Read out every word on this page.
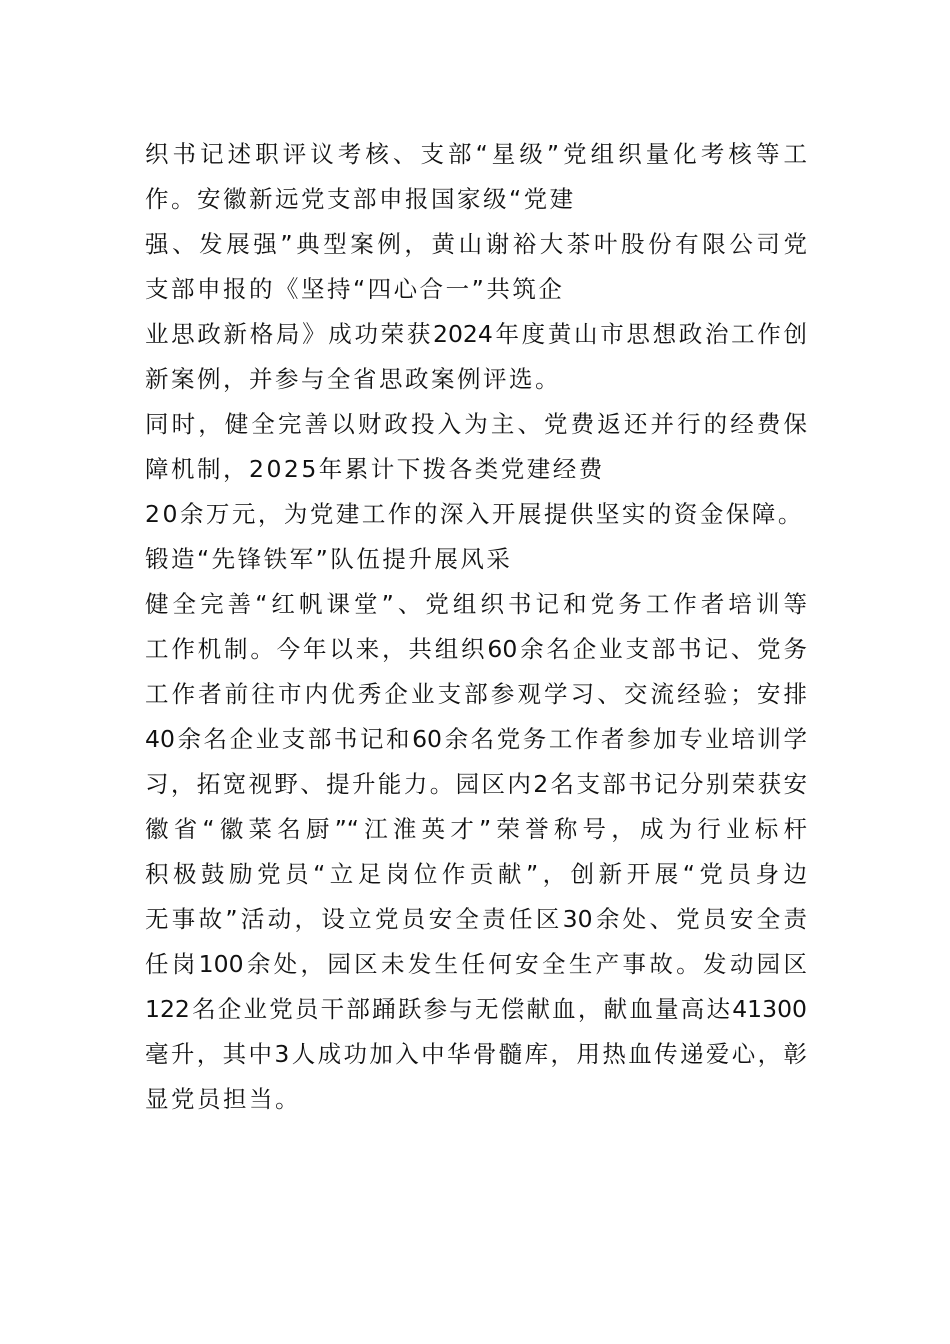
织书记述职评议考核、支部“星级”党组织量化考核等工
作。安徽新远党支部申报国家级“党建
强、发展强”典型案例，黄山谢裕大茶叶股份有限公司党
支部申报的《坚持“四心合一”共筑企
业思政新格局》成功荣获2024年度黄山市思想政治工作创
新案例，并参与全省思政案例评选。
同时，健全完善以财政投入为主、党费返还并行的经费保
障机制，2025年累计下拨各类党建经费
20余万元，为党建工作的深入开展提供坚实的资金保障。
锻造“先锋铁军”队伍提升展风采
健全完善“红帆课堂”、党组织书记和党务工作者培训等
工作机制。今年以来，共组织60余名企业支部书记、党务
工作者前往市内优秀企业支部参观学习、交流经验；安排
40余名企业支部书记和60余名党务工作者参加专业培训学
习，拓宽视野、提升能力。园区内2名支部书记分别荣获安
徽省“徽菜名厨”“江淮英才”荣誉称号，成为行业标杆
积极鼓励党员“立足岗位作贡献”，创新开展“党员身边
无事故”活动，设立党员安全责任区30余处、党员安全责
任岗100余处，园区未发生任何安全生产事故。发动园区
122名企业党员干部踊跃参与无偿献血，献血量高达41300
毫升，其中3人成功加入中华骨髓库，用热血传递爱心，彰
显党员担当。
